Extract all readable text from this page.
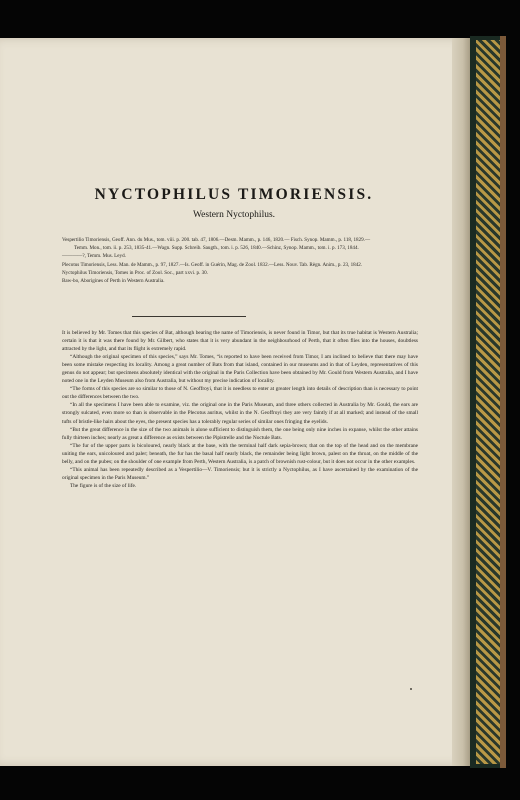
NYCTOPHILUS TIMORIENSIS.
Western Nyctophilus.

Vespertilio Timoriensis, Geoff. Ann. du Mus., tom. viii. p. 200. tab. 47, 1806.—Desm. Mamm., p. 146, 1820.— Fisch. Synop. Mamm., p. 118, 1829.—Temm. Mon., tom. ii. p. 253, 1835-41.—Wagn. Supp. Schreib. Saugth., tom. i. p. 526, 1840.—Schinz, Synop. Mamm., tom. i. p. 173, 1844.

————?, Temm. Mus. Leyd.

Plecotus Timoriensis, Less. Man. de Mamm., p. 97, 1827.—Is. Geoff. in Guérin, Mag. de Zool. 1832.—Less. Nouv. Tab. Règn. Anim., p. 23, 1842.

Nyctophilus Timoriensis, Tomes in Proc. of Zool. Soc., part xxvi. p. 30.

Baw-bo, Aborigines of Perth in Western Australia.

It is believed by Mr. Tomes that this species of Bat, although bearing the name of Timoriensis, is never found in Timor, but that its true habitat is Western Australia; certain it is that it was there found by Mr. Gilbert, who states that it is very abundant in the neighbourhood of Perth, that it often flies into the houses, doubtless attracted by the light, and that its flight is extremely rapid.

“Although the original specimen of this species,” says Mr. Tomes, “is reported to have been received from Timor, I am inclined to believe that there may have been some mistake respecting its locality. Among a great number of Bats from that island, contained in our museums and in that of Leyden, representatives of this genus do not appear; but specimens absolutely identical with the original in the Paris Collection have been obtained by Mr. Gould from Western Australia, and I have noted one in the Leyden Museum also from Australia, but without my precise indication of locality.

“The forms of this species are so similar to those of N. Geoffroyi, that it is needless to enter at greater length into details of description than is necessary to point out the differences between the two.

“In all the specimens I have been able to examine, viz. the original one in the Paris Museum, and three others collected in Australia by Mr. Gould, the ears are strongly sulcated, even more so than is observable in the Plecotus auritus, whilst in the N. Geoffroyi they are very faintly if at all marked; and instead of the small tufts of bristle-like hairs about the eyes, the present species has a tolerably regular series of similar ones fringing the eyelids.

“But the great difference in the size of the two animals is alone sufficient to distinguish them, the one being only nine inches in expanse, whilst the other attains fully thirteen inches; nearly as great a difference as exists between the Pipistrelle and the Noctule Bats.

“The fur of the upper parts is bicoloured, nearly black at the base, with the terminal half dark sepia-brown; that on the top of the head and on the membrane uniting the ears, unicoloured and paler; beneath, the fur has the basal half nearly black, the remainder being light brown, palest on the throat, on the middle of the belly, and on the pubes; on the shoulder of one example from Perth, Western Australia, is a patch of brownish rust-colour, but it does not occur in the other examples.

“This animal has been repeatedly described as a Vespertilio—V. Timoriensis; but it is strictly a Nyctophilus, as I have ascertained by the examination of the original specimen in the Paris Museum.”

The figure is of the size of life.
